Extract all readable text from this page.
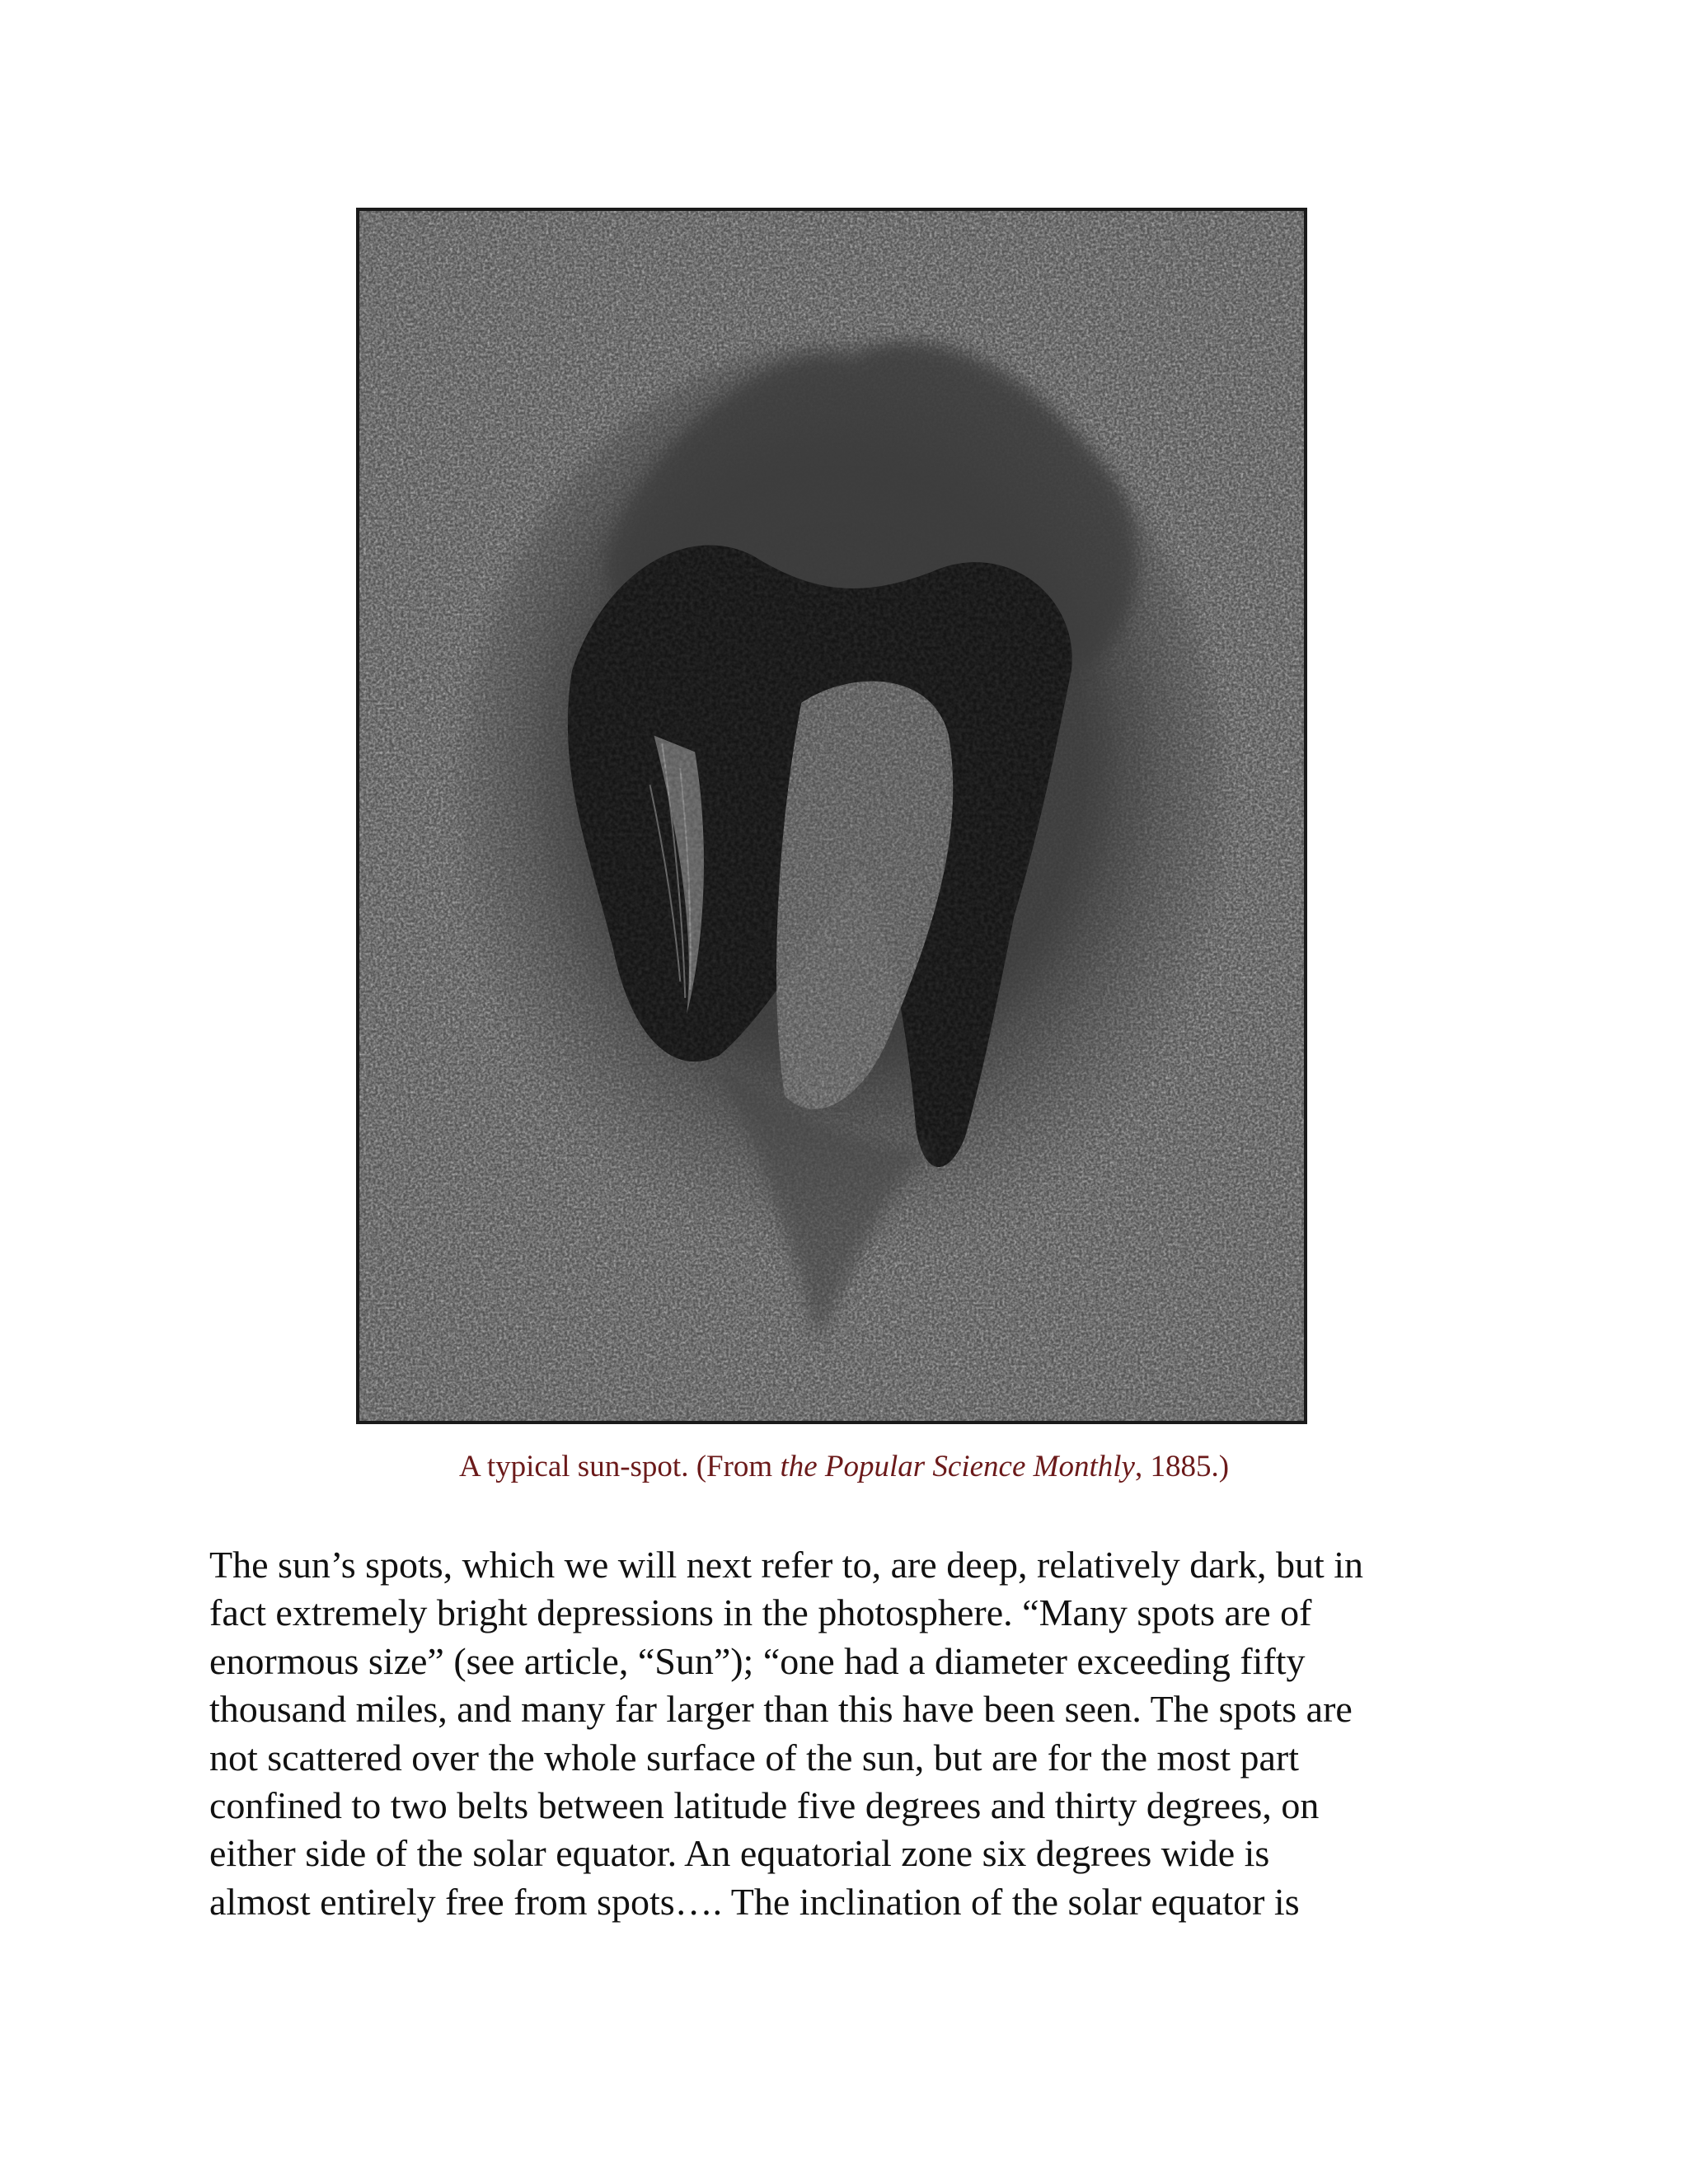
A typical sun-spot. (From the Popular Science Monthly, 1885.)

The sun’s spots, which we will next refer to, are deep, relatively dark, but in
fact extremely bright depressions in the photosphere. “Many spots are of
enormous size” (see article, “Sun”); “one had a diameter exceeding fifty
thousand miles, and many far larger than this have been seen. The spots are
not scattered over the whole surface of the sun, but are for the most part
confined to two belts between latitude five degrees and thirty degrees, on
either side of the solar equator. An equatorial zone six degrees wide is
almost entirely free from spots…. The inclination of the solar equator is
